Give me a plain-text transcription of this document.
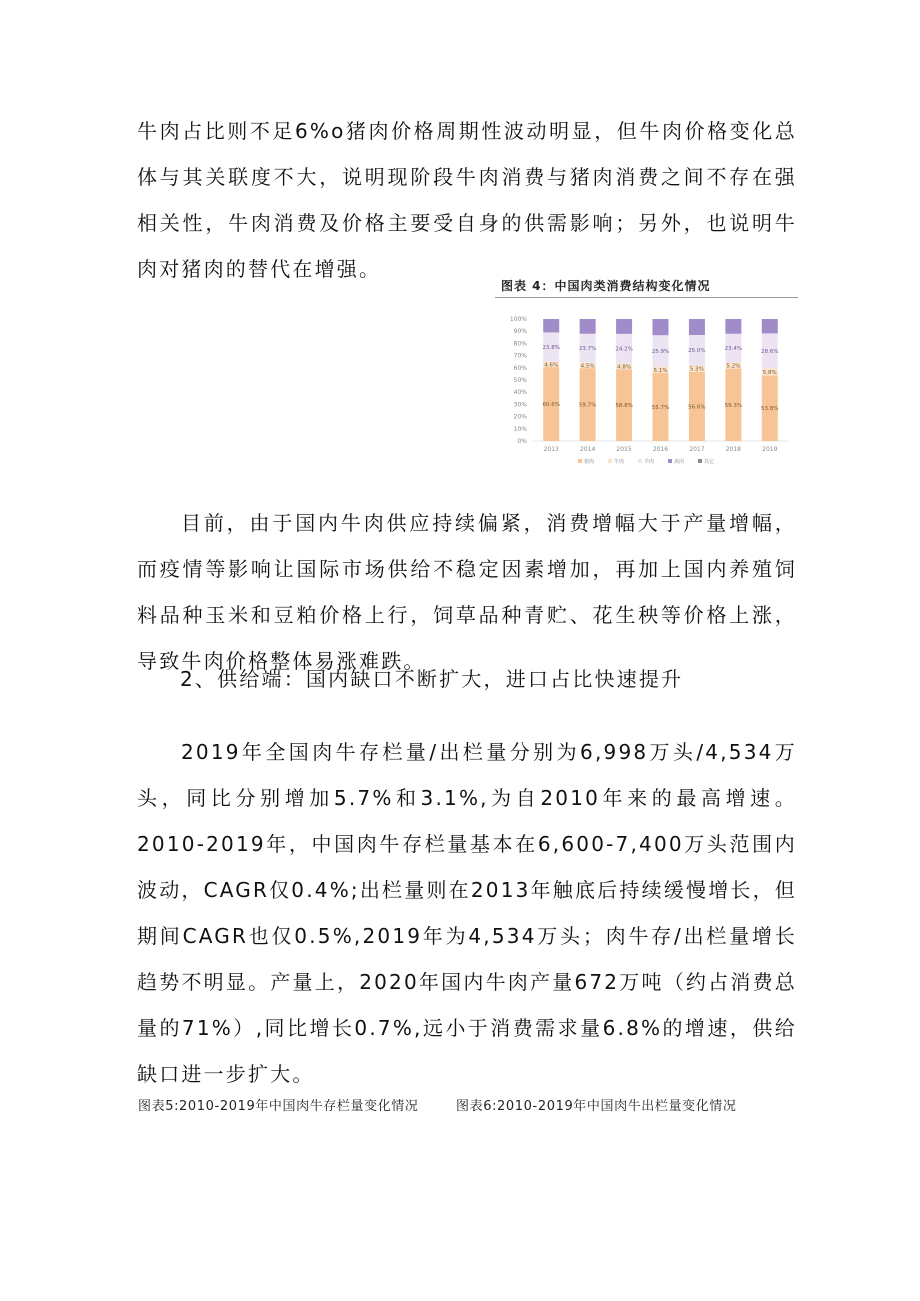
牛肉占比则不足6%o猪肉价格周期性波动明显，但牛肉价格变化总体与其关联度不大，说明现阶段牛肉消费与猪肉消费之间不存在强相关性，牛肉消费及价格主要受自身的供需影响；另外，也说明牛肉对猪肉的替代在增强。

图表 4：中国肉类消费结构变化情况
0%
10%
20%
30%
40%
50%
60%
70%
80%
90%
100%
60.6%
4.6%
23.8%
2013
59.7%
4.5%
23.7%
2014
58.8%
4.8%
24.2%
2015
55.7%
5.1%
25.9%
2016
56.6%
5.3%
25.0%
2017
59.3%
5.2%
23.4%
2018
53.8%
5.8%
28.6%
2019
猪肉	牛肉	羊肉	禽肉	其它

目前，由于国内牛肉供应持续偏紧，消费增幅大于产量增幅，而疫情等影响让国际市场供给不稳定因素增加，再加上国内养殖饲料品种玉米和豆粕价格上行，饲草品种青贮、花生秧等价格上涨，导致牛肉价格整体易涨难跌。

2、供给端：国内缺口不断扩大，进口占比快速提升

2019年全国肉牛存栏量/出栏量分别为6,998万头/4,534万头，同比分别增加5.7%和3.1%,为自2010年来的最高增速。2010-2019年，中国肉牛存栏量基本在6,600-7,400万头范围内波动，CAGR仅0.4%;出栏量则在2013年触底后持续缓慢增长，但期间CAGR也仅0.5%,2019年为4,534万头；肉牛存/出栏量增长趋势不明显。产量上，2020年国内牛肉产量672万吨（约占消费总量的71%）,同比增长0.7%,远小于消费需求量6.8%的增速，供给缺口进一步扩大。

图表5:2010-2019年中国肉牛存栏量变化情况	图表6:2010-2019年中国肉牛出栏量变化情况
